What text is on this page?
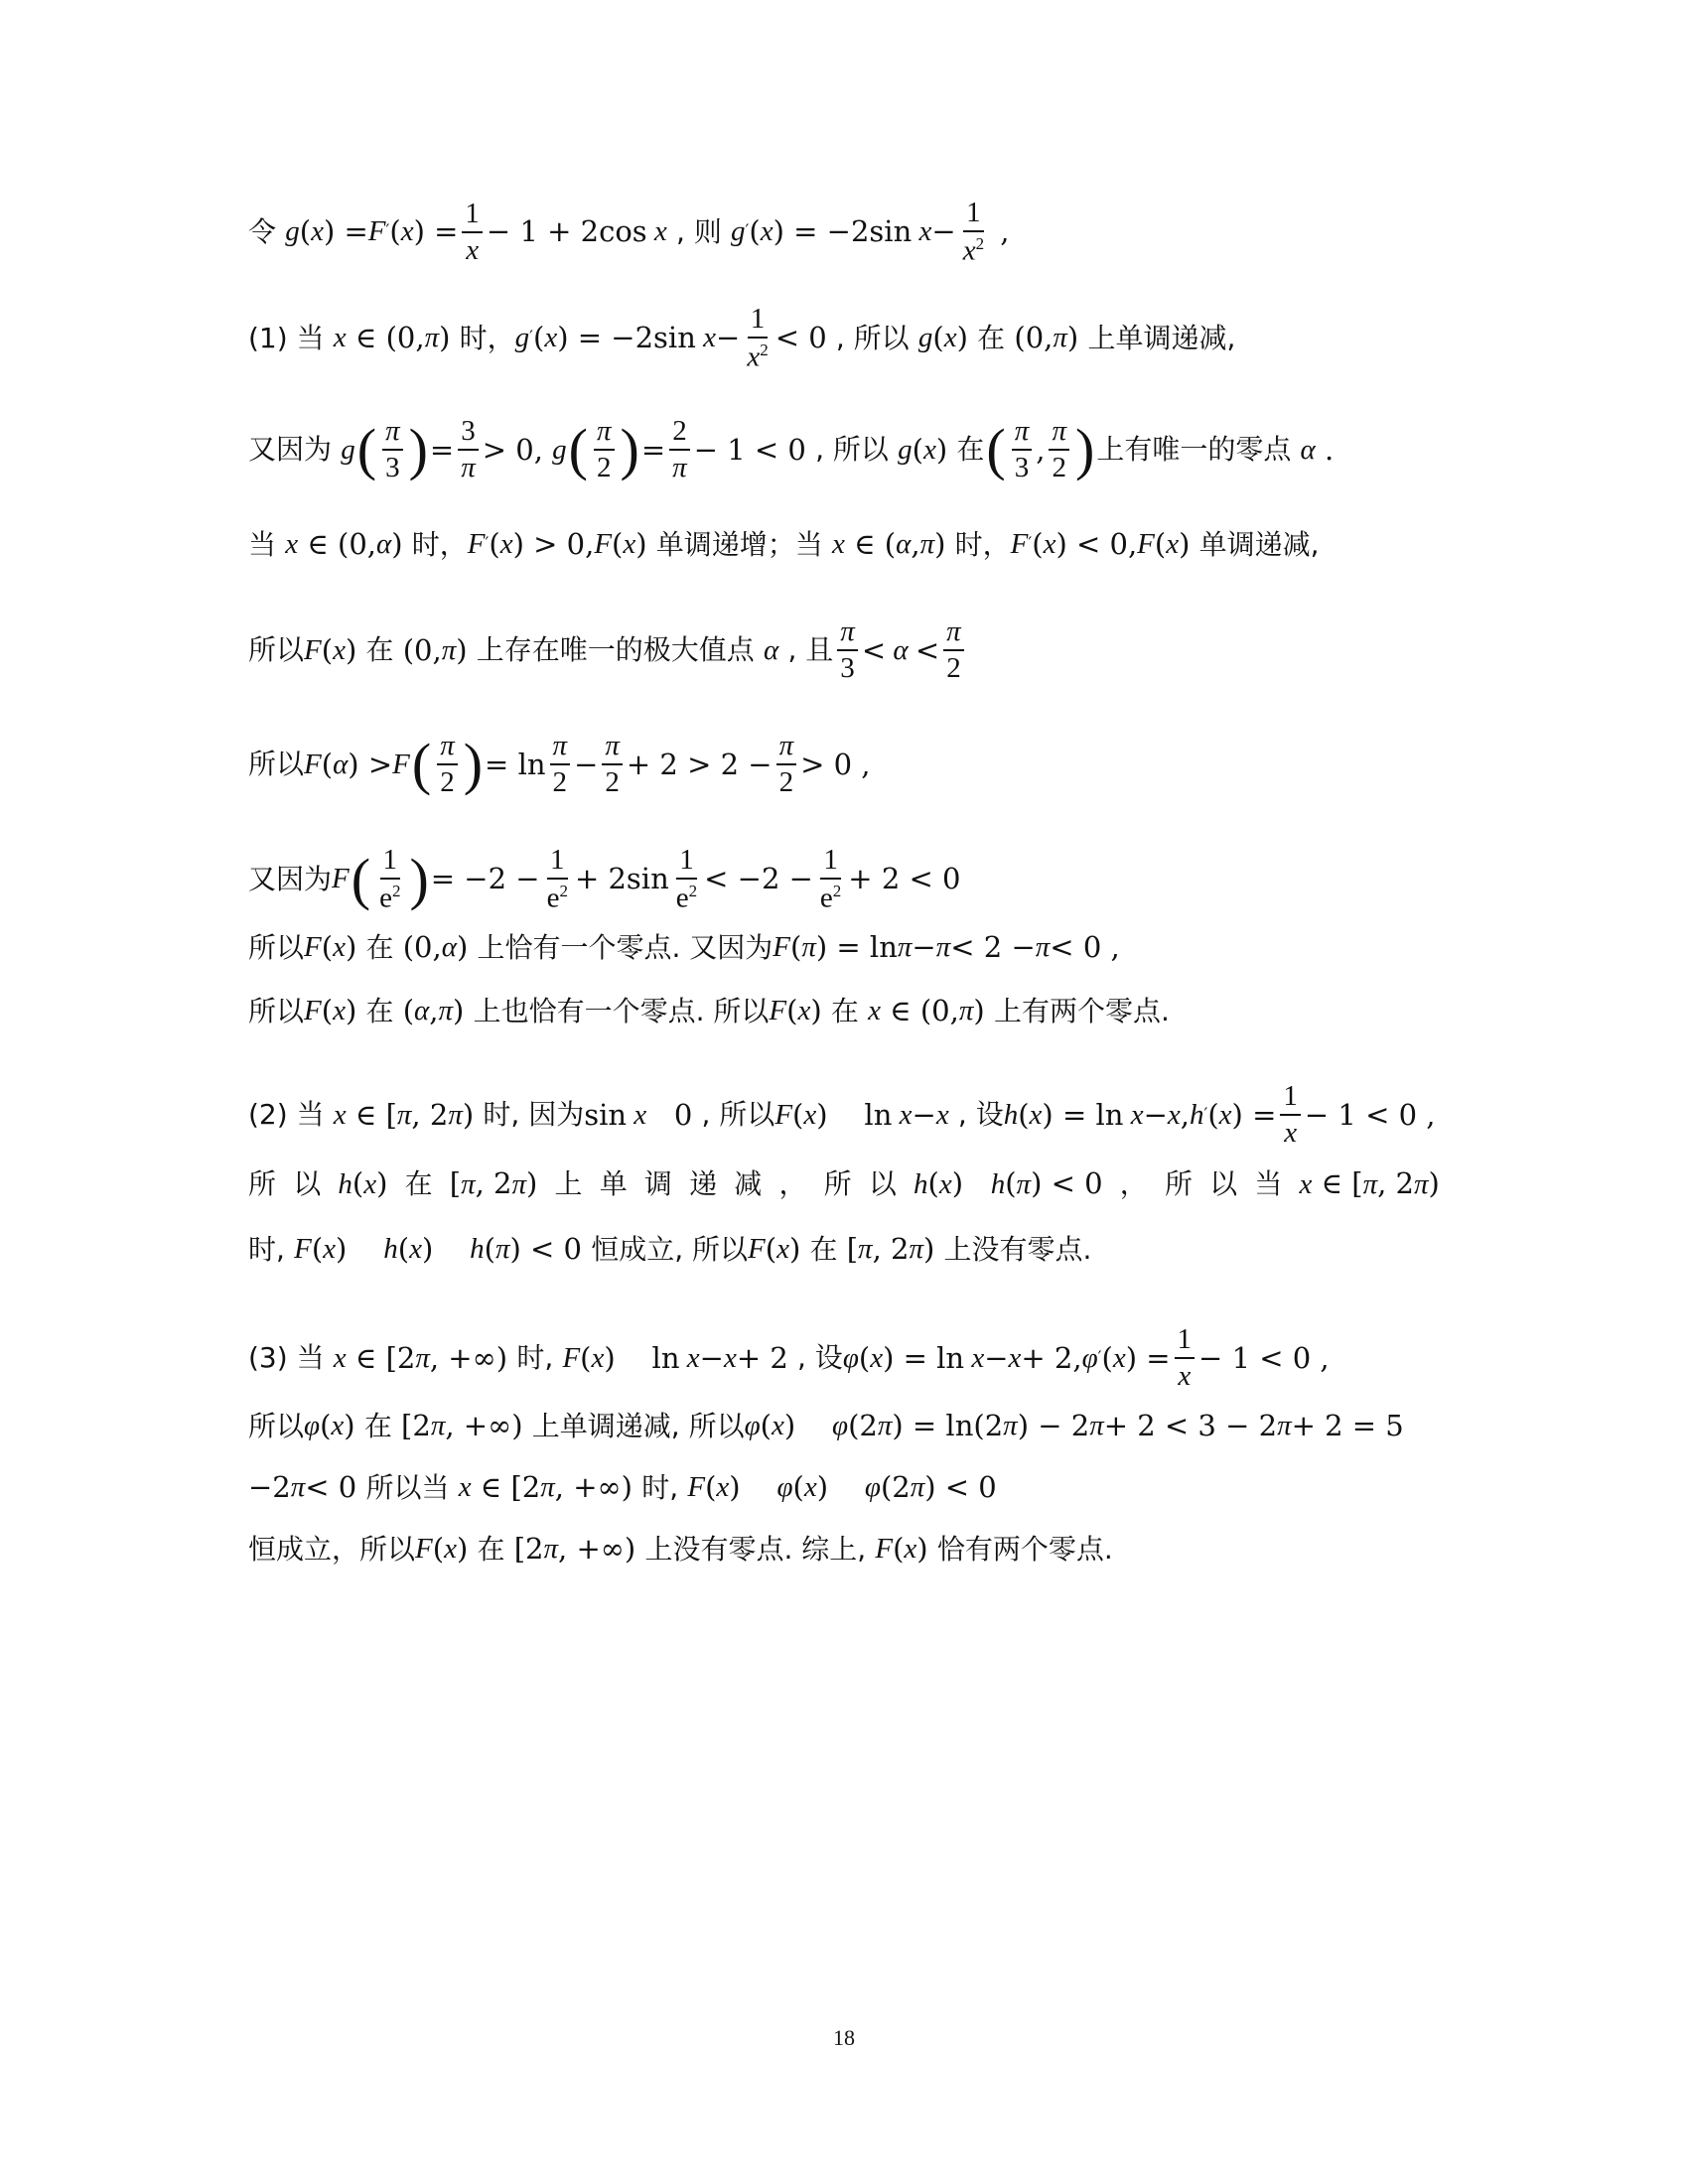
令
g ( x ) = F ′ ( x ) = $\frac{1}{x} - 1 + 2\cos$ x
, 则
g ′ ( x ) = −2sin $x - \frac{1}{x^2}$ ,
(1) 当
x ∈ (0, π ) 时， g ′ ( x ) = −2sin $x - \frac{1}{x^2} < 0$ , 所以
g ( x ) 在 (0, π ) 上单调递减,
又因为
g ( $\frac{\pi}{3}$ ) = $\frac{3}{\pi} > 0$, g ( $\frac{\pi}{2}$ ) = $\frac{2}{\pi} - 1 < 0$ , 所以
g ( x ) 在 ( $\frac{\pi}{3}$ , $\frac{\pi}{2}$ ) 上有唯一的零点
α .
当
x ∈ (0, α ) 时， F ′ ( x ) > 0, F ( x ) 单调递增；当
x ∈ ( α , π ) 时， F ′ ( x ) < 0, F ( x ) 单调递减,
所以 F ( x ) 在 (0, π ) 上存在唯一的极大值点
α
, 且 $\frac{\pi}{3} < \alpha < \frac{\pi}{2}$
所以 F ( α ) > F ( $\frac{\pi}{2}$ ) = $\ln \frac{\pi}{2} - \frac{\pi}{2} + 2 > 2 - \frac{\pi}{2} > 0$ ,
又因为 F ( $\frac{1}{e^2}$ ) = $-2 - \frac{1}{e^2} + 2\sin \frac{1}{e^2} < -2 - \frac{1}{e^2} + 2 < 0$
所以 F ( x ) 在 (0, α ) 上恰有一个零点. 又因为 F ( π ) = ln π − π < 2 − π < 0 ,
所以 F ( x ) 在 ( α , π ) 上也恰有一个零点. 所以 F ( x ) 在
x ∈ (0, π ) 上有两个零点.
(2) 当
x ∈ [ π , 2 π ) 时, 因为 sin x 0 , 所以 F ( x )    ln x − x
, 设 h ( x ) = ln x − x , h ′ ( x ) = $\frac{1}{x} - 1 < 0$ ,
所 以 h(x) 在 [π, 2π) 上 单 调 递 减 ， 所 以 h(x)   h(π) < 0 ， 所 以 当 x ∈ [π, 2π)
时,
F ( x ) h ( x ) h ( π ) < 0 恒成立, 所以 F ( x ) 在 [ π , 2 π ) 上没有零点.
(3) 当
x ∈ [2 π , +∞) 时,
F ( x )    ln x − x + 2 , 设 φ ( x ) = ln x − x + 2, φ ′ ( x ) = $\frac{1}{x} - 1 < 0$ ,
所以 φ ( x ) 在 [2 π , +∞) 上单调递减, 所以 φ ( x ) φ (2 π ) = ln(2 π ) − 2 π + 2 < 3 − 2 π + 2 = 5
−2 π < 0 所以当
x ∈ [2 π , +∞) 时,
F ( x ) φ ( x ) φ (2 π ) < 0
恒成立，所以 F ( x ) 在 [2 π , +∞) 上没有零点. 综上,
F ( x ) 恰有两个零点.
18
